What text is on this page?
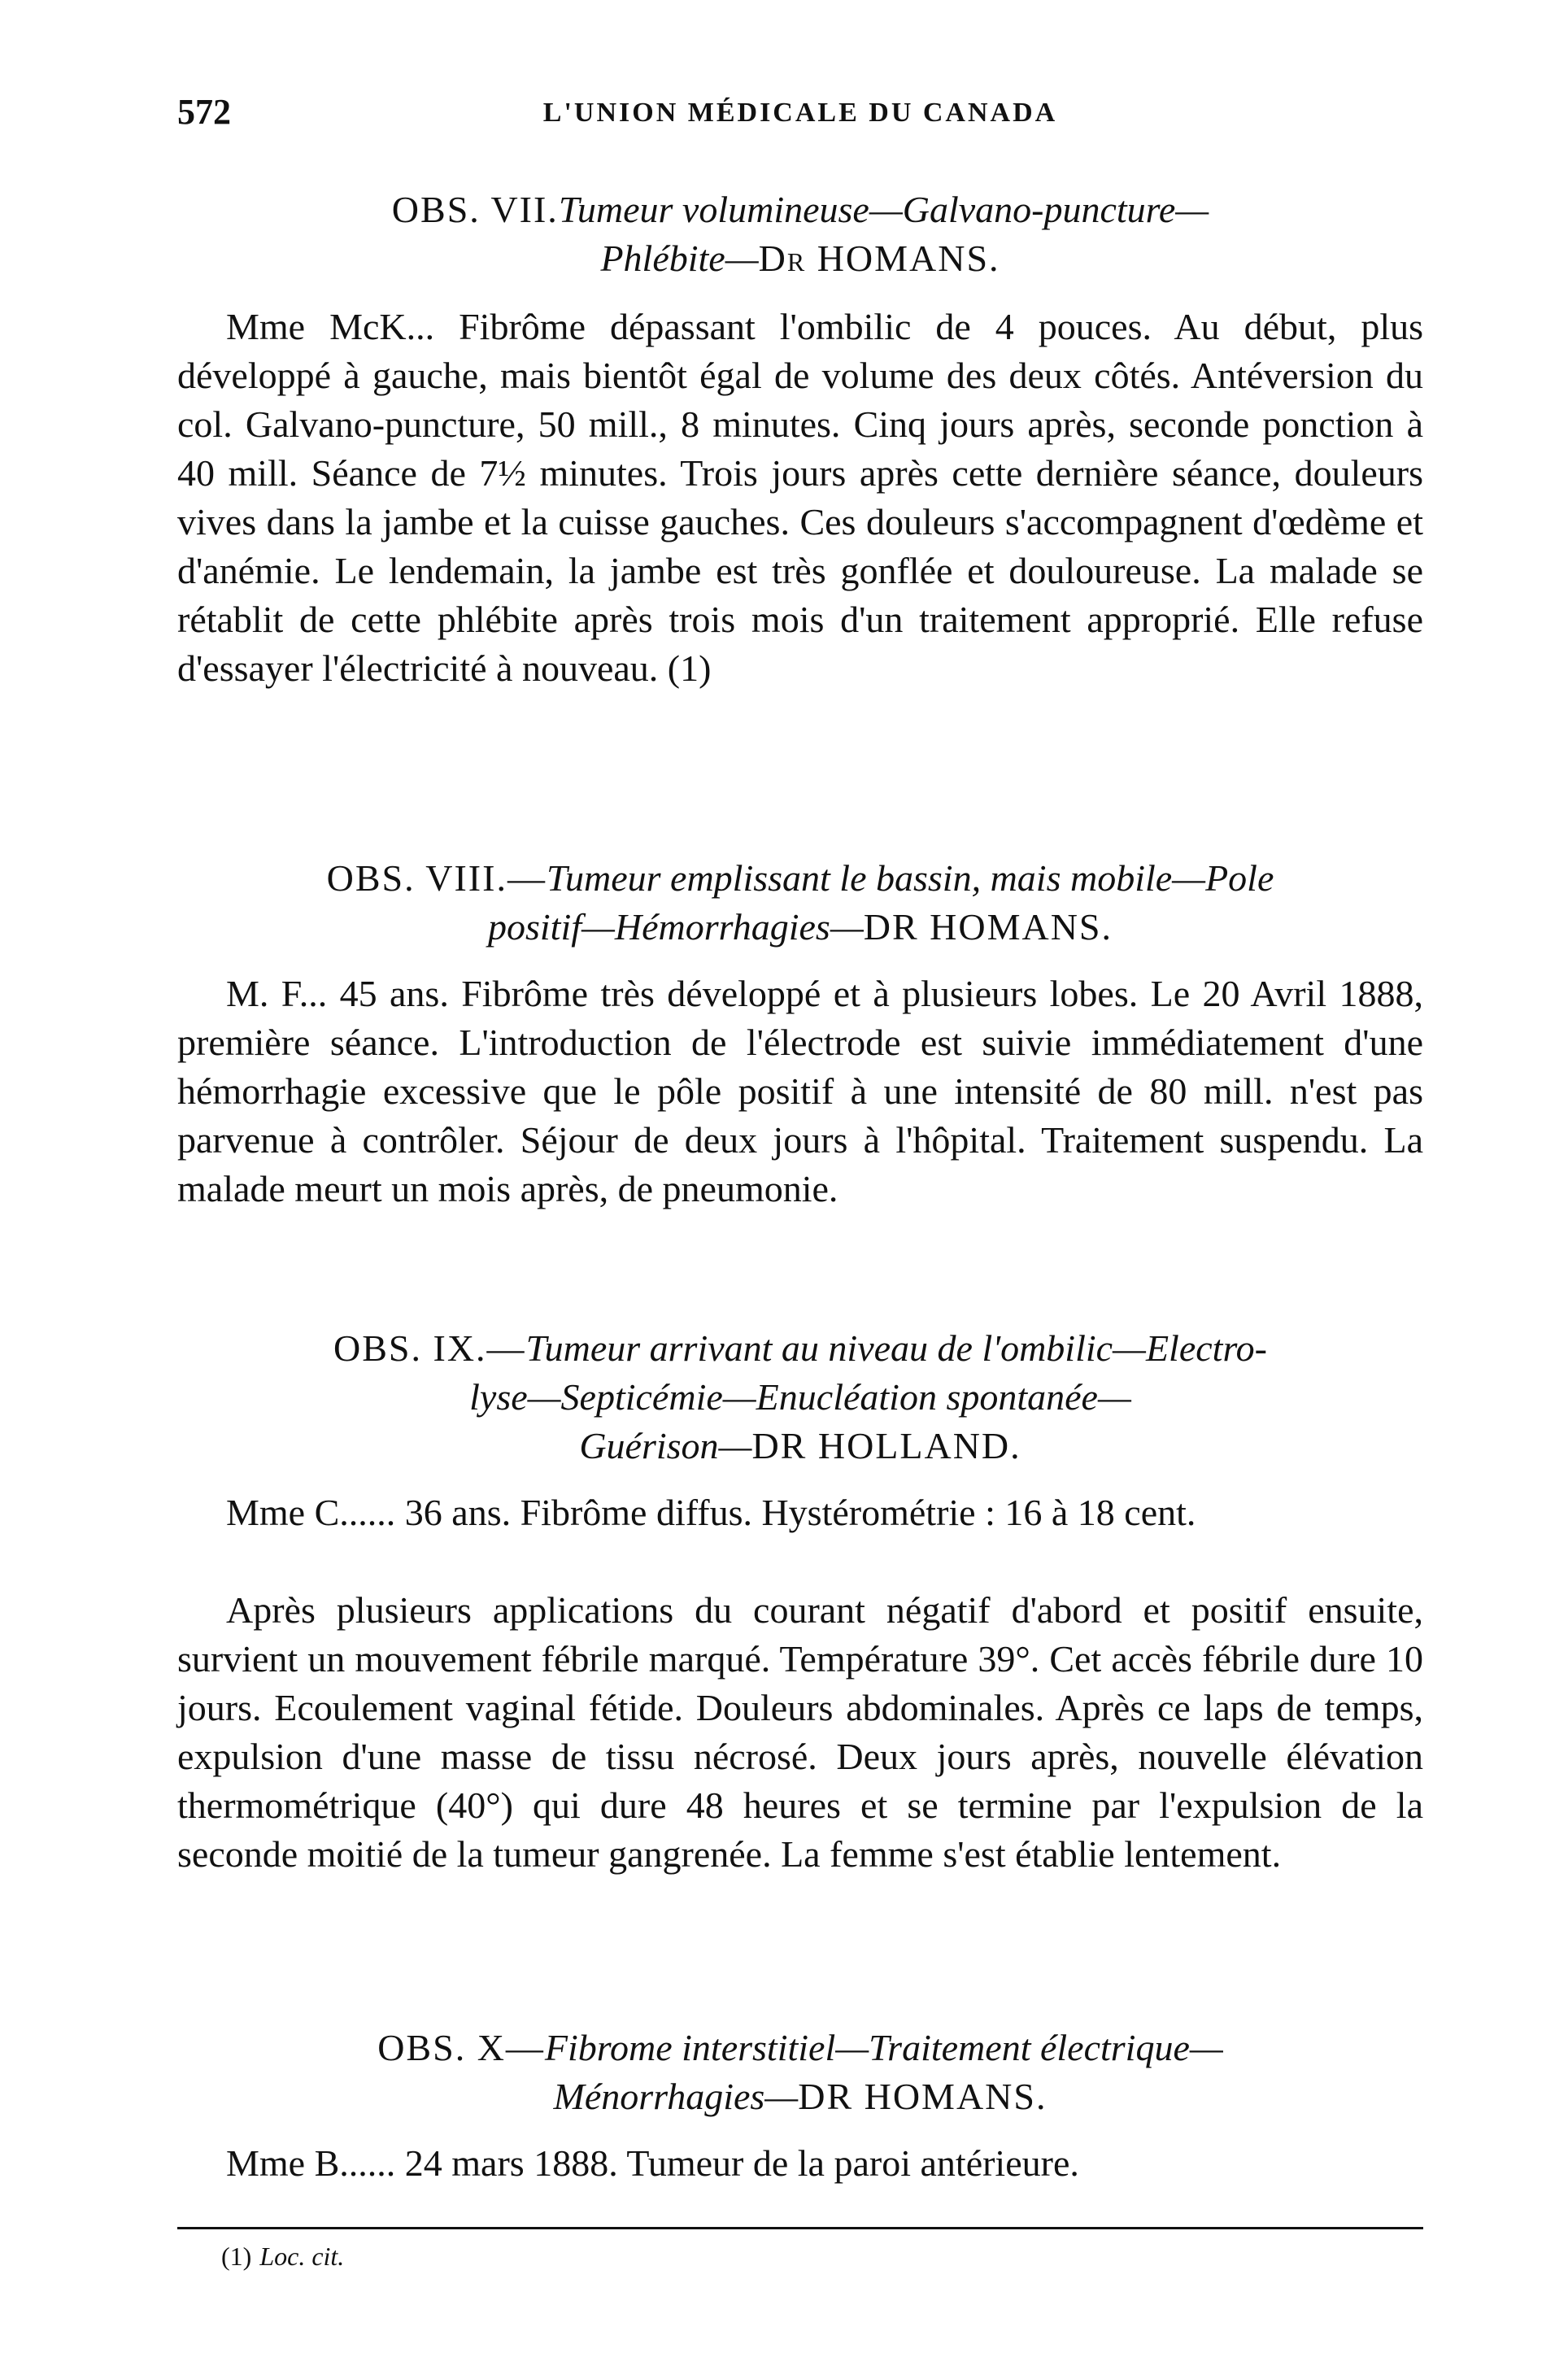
572	L'UNION MÉDICALE DU CANADA
OBS. VII.Tumeur volumineuse—Galvano-puncture—
Phlébite—Dr HOMANS.
Mme McK... Fibrôme dépassant l'ombilic de 4 pouces. Au début, plus développé à gauche, mais bientôt égal de volume des deux côtés. Antéversion du col. Galvano-puncture, 50 mill., 8 minutes. Cinq jours après, seconde ponction à 40 mill. Séance de 7½ minutes. Trois jours après cette dernière séance, douleurs vives dans la jambe et la cuisse gauches. Ces douleurs s'accompagnent d'œdème et d'anémie. Le lendemain, la jambe est très gonflée et douloureuse. La malade se rétablit de cette phlébite après trois mois d'un traitement approprié. Elle refuse d'essayer l'électricité à nouveau. (1)
OBS. VIII.—Tumeur emplissant le bassin, mais mobile—Pole
positif—Hémorrhagies—DR HOMANS.
M. F... 45 ans. Fibrôme très développé et à plusieurs lobes. Le 20 Avril 1888, première séance. L'introduction de l'électrode est suivie immédiatement d'une hémorrhagie excessive que le pôle positif à une intensité de 80 mill. n'est pas parvenue à contrôler. Séjour de deux jours à l'hôpital. Traitement suspendu. La malade meurt un mois après, de pneumonie.
OBS. IX.—Tumeur arrivant au niveau de l'ombilic—Electro-
lyse—Septicémie—Enucléation spontanée—
Guérison—DR HOLLAND.
Mme C...... 36 ans. Fibrôme diffus. Hystérométrie : 16 à 18 cent.
Après plusieurs applications du courant négatif d'abord et positif ensuite, survient un mouvement fébrile marqué. Température 39°. Cet accès fébrile dure 10 jours. Ecoulement vaginal fétide. Douleurs abdominales. Après ce laps de temps, expulsion d'une masse de tissu nécrosé. Deux jours après, nouvelle élévation thermométrique (40°) qui dure 48 heures et se termine par l'expulsion de la seconde moitié de la tumeur gangrenée. La femme s'est établie lentement.
OBS. X—Fibrome interstitiel—Traitement électrique—
Ménorrhagies—DR HOMANS.
Mme B...... 24 mars 1888. Tumeur de la paroi antérieure.
(1) Loc. cit.
